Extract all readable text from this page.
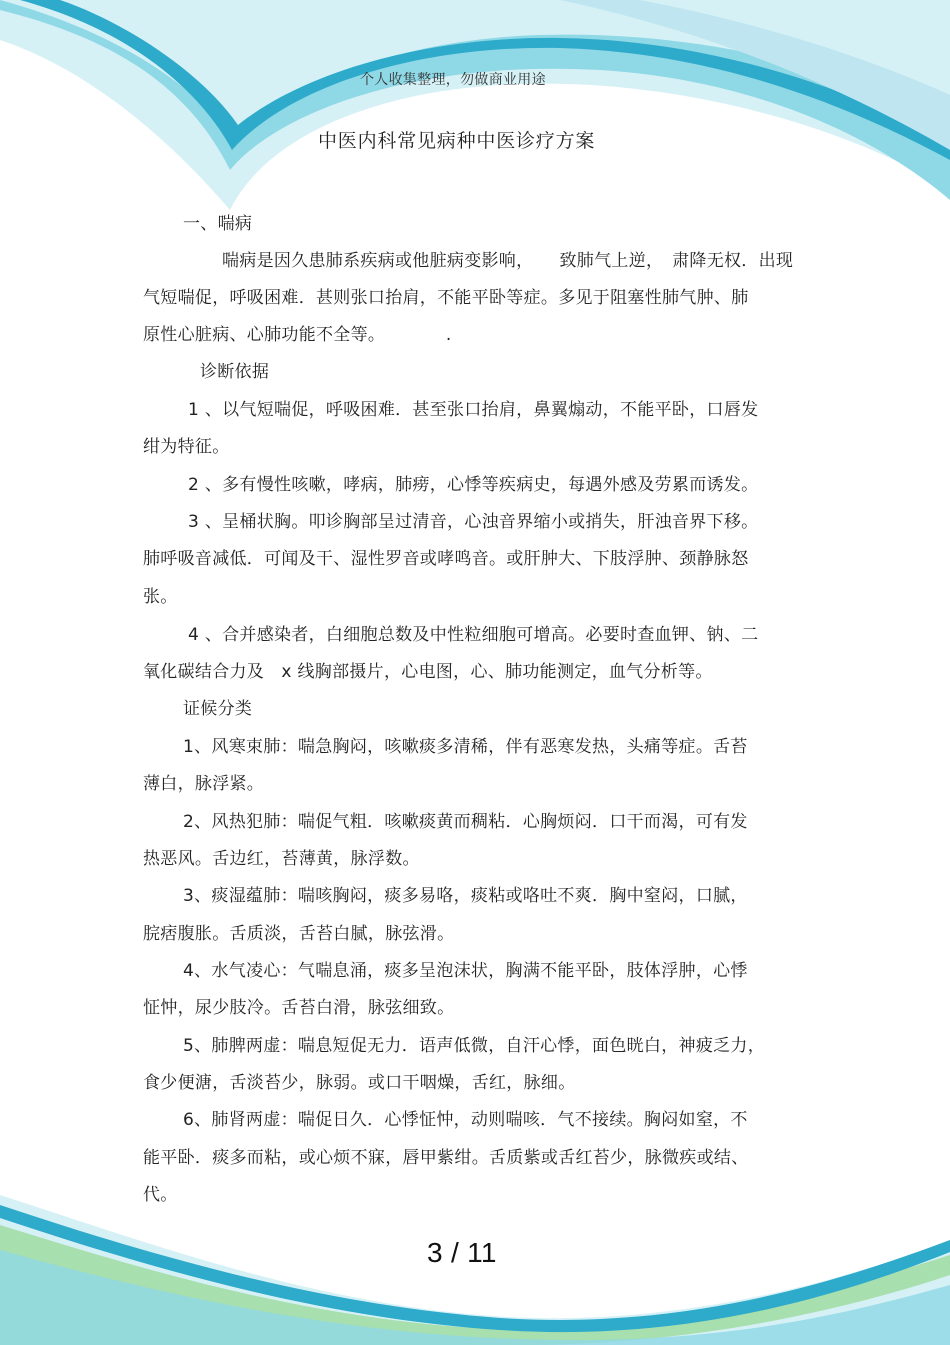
个人收集整理，勿做商业用途
中医内科常见病种中医诊疗方案
一、喘病
喘病是因久患肺系疾病或他脏病变影响，　　致肺气上逆，　肃降无权．出现
气短喘促，呼吸困难．甚则张口抬肩，不能平卧等症。多见于阻塞性肺气肿、肺
原性心脏病、心肺功能不全等。　　　　.
诊断依据
1 、以气短喘促，呼吸困难．甚至张口抬肩，鼻翼煽动，不能平卧，口唇发
绀为特征。
2 、多有慢性咳嗽，哮病，肺痨，心悸等疾病史，每遇外感及劳累而诱发。
3 、呈桶状胸。叩诊胸部呈过清音，心浊音界缩小或捎失，肝浊音界下移。
肺呼吸音减低．可闻及干、湿性罗音或哮鸣音。或肝肿大、下肢浮肿、颈静脉怒
张。
4 、合并感染者，白细胞总数及中性粒细胞可增高。必要时查血钾、钠、二
氧化碳结合力及　x 线胸部摄片，心电图，心、肺功能测定，血气分析等。
证候分类
1、风寒束肺：喘急胸闷，咳嗽痰多清稀，伴有恶寒发热，头痛等症。舌苔
薄白，脉浮紧。
2、风热犯肺：喘促气粗．咳嗽痰黄而稠粘．心胸烦闷．口干而渴，可有发
热恶风。舌边红，苔薄黄，脉浮数。
3、痰湿蕴肺：喘咳胸闷，痰多易咯，痰粘或咯吐不爽．胸中窒闷，口腻，
脘痞腹胀。舌质淡，舌苔白腻，脉弦滑。
4、水气凌心：气喘息涌，痰多呈泡沫状，胸满不能平卧，肢体浮肿，心悸
怔忡，尿少肢冷。舌苔白滑，脉弦细致。
5、肺脾两虚：喘息短促无力．语声低微，自汗心悸，面色晄白，神疲乏力，
食少便溏，舌淡苔少，脉弱。或口干咽燥，舌红，脉细。
6、肺肾两虚：喘促日久．心悸怔忡，动则喘咳．气不接续。胸闷如窒，不
能平卧．痰多而粘，或心烦不寐，唇甲紫绀。舌质紫或舌红苔少，脉微疾或结、
代。
3 / 11
